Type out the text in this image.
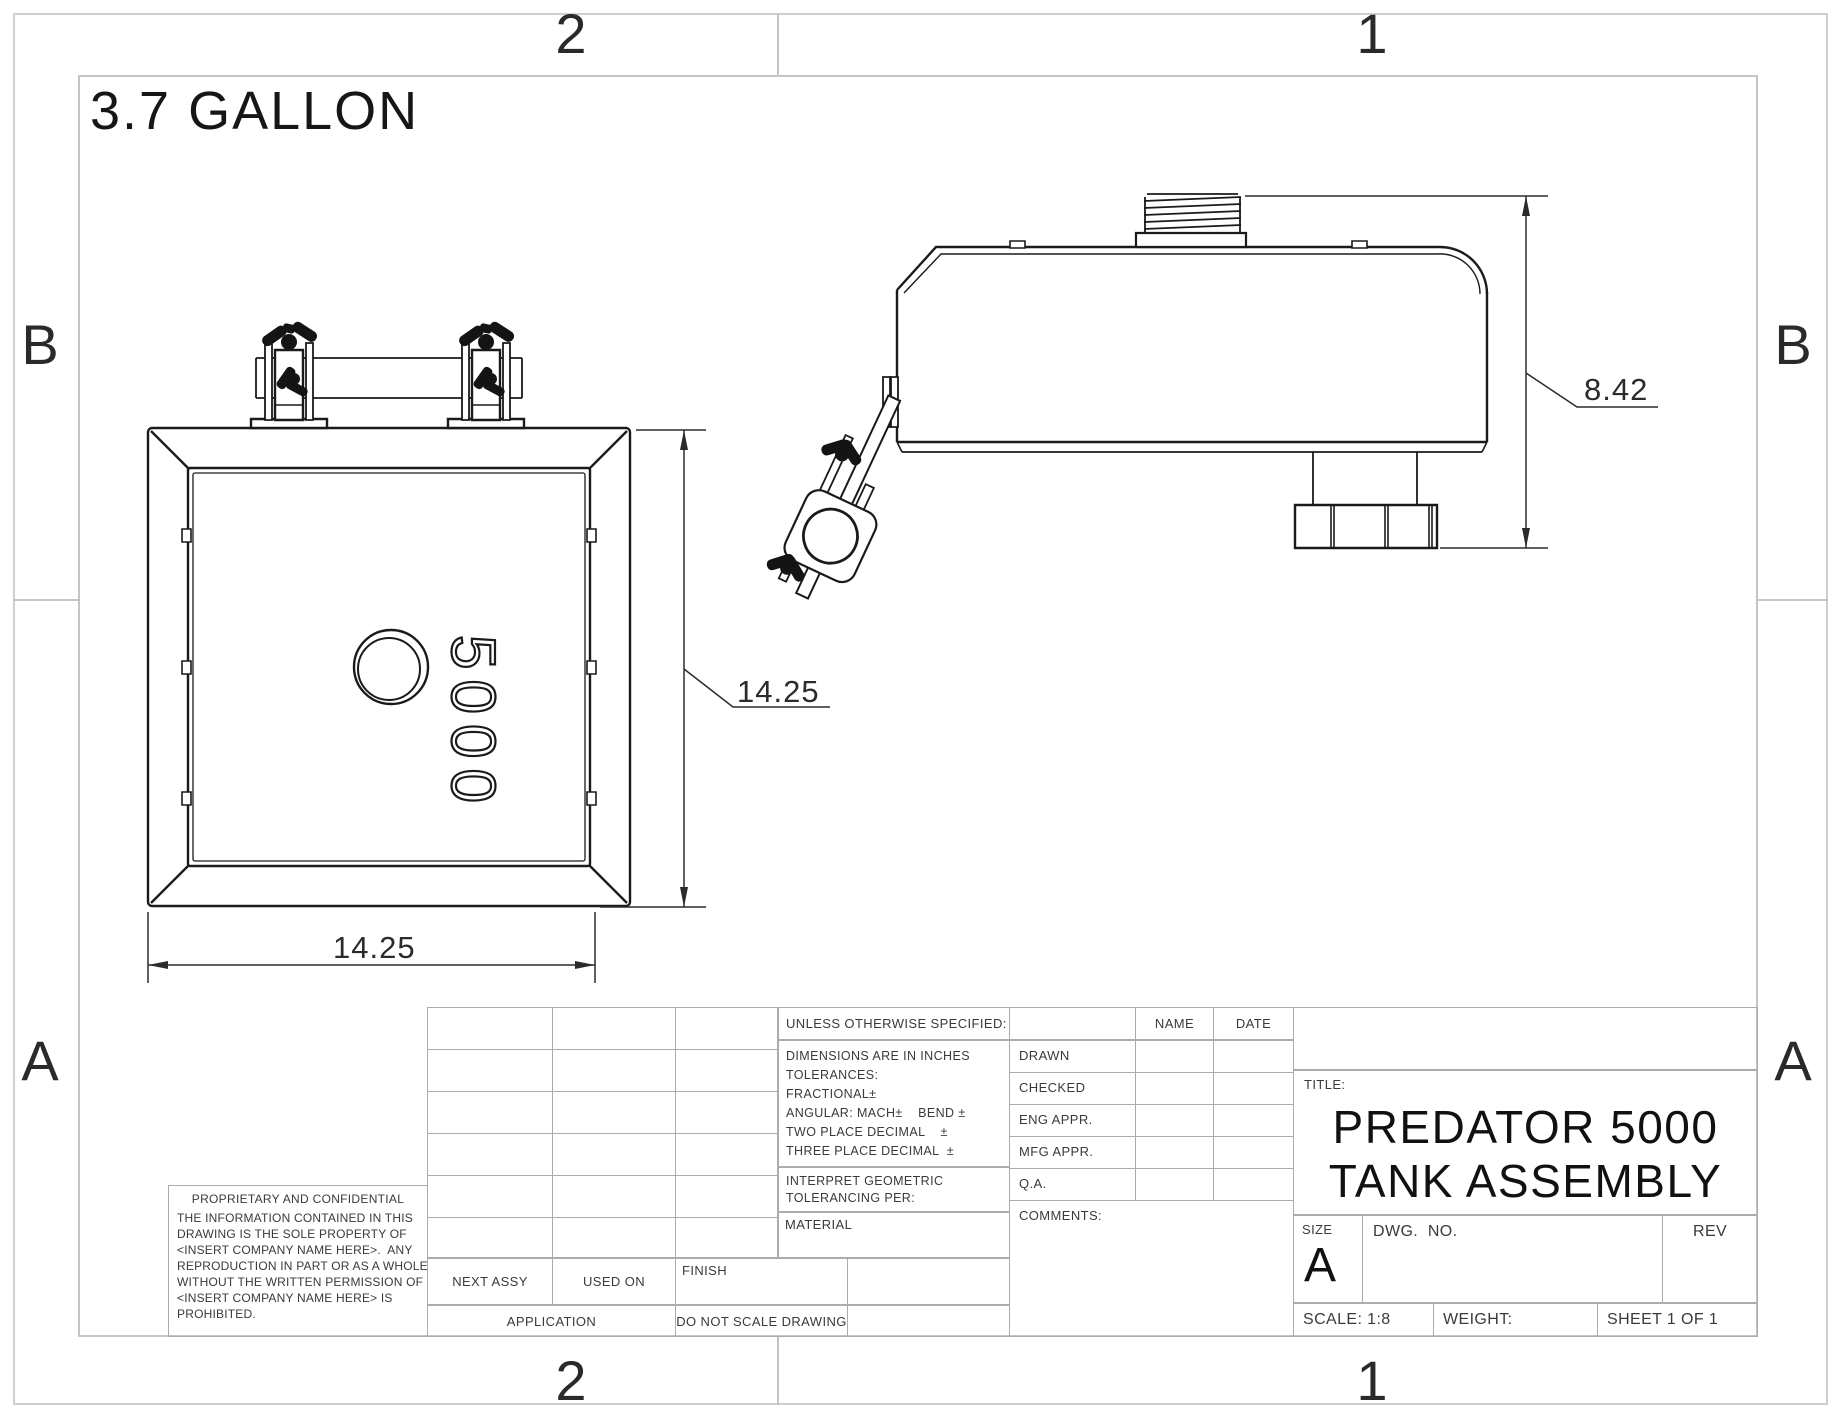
2	1
2	1
B
A
B
A
3.7 GALLON
5000	14.25
14.25
8.42
NEXT ASSY	USED ON
APPLICATION
FINISH
DO NOT SCALE DRAWING
UNLESS OTHERWISE SPECIFIED:
DIMENSIONS ARE IN INCHES
TOLERANCES:
FRACTIONAL±
ANGULAR: MACH±    BEND ±
TWO PLACE DECIMAL    ±
THREE PLACE DECIMAL  ±
INTERPRET GEOMETRIC
TOLERANCING PER:
MATERIAL
NAME	DATE
DRAWN
CHECKED
ENG APPR.
MFG APPR.
Q.A.
COMMENTS:
TITLE:
PREDATOR 5000
TANK ASSEMBLY
SIZE
A
DWG.  NO.	REV
SCALE: 1:8	WEIGHT:	SHEET 1 OF 1
PROPRIETARY AND CONFIDENTIAL
THE INFORMATION CONTAINED IN THIS
DRAWING IS THE SOLE PROPERTY OF
<INSERT COMPANY NAME HERE>.  ANY
REPRODUCTION IN PART OR AS A WHOLE
WITHOUT THE WRITTEN PERMISSION OF
<INSERT COMPANY NAME HERE> IS
PROHIBITED.
